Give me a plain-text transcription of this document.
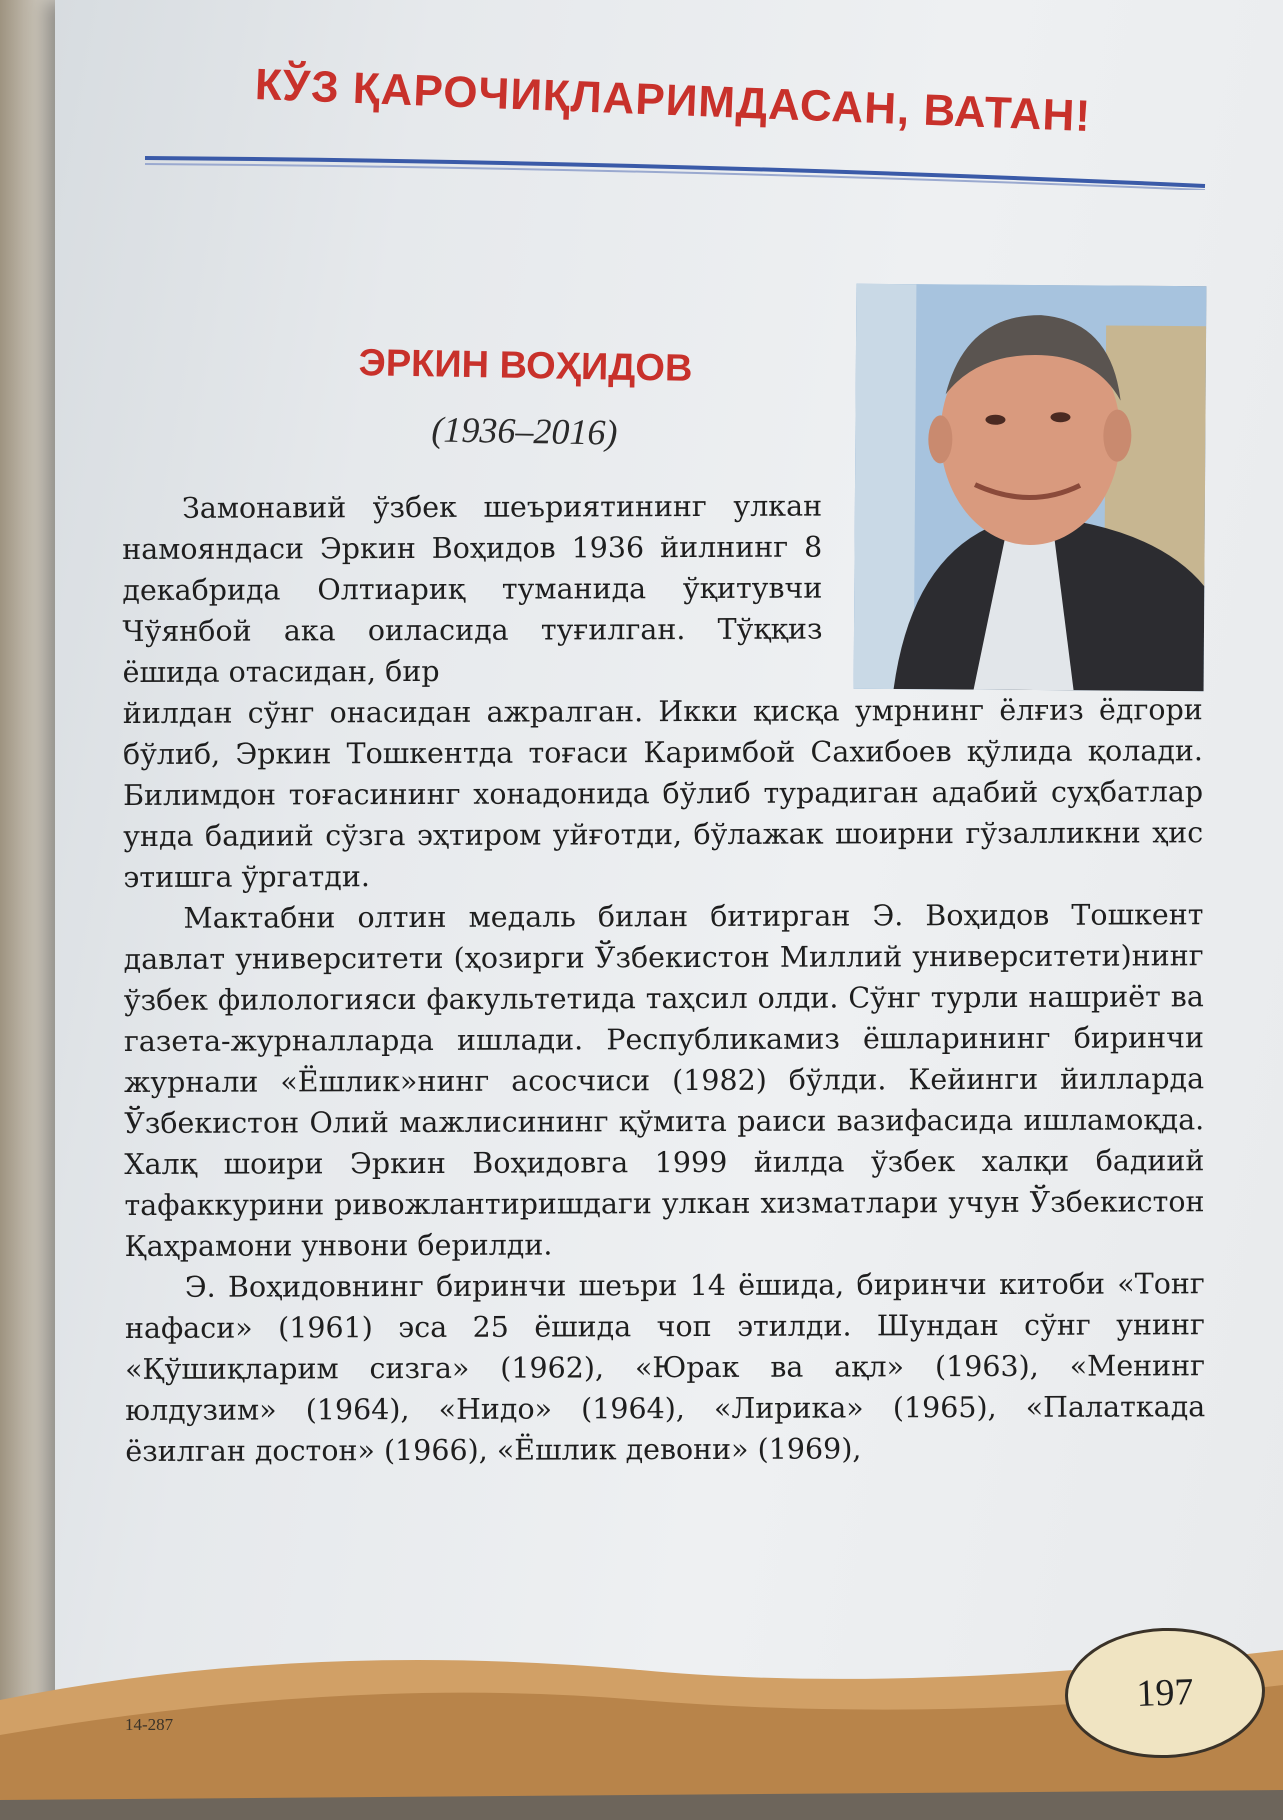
КЎЗ ҚАРОЧИҚЛАРИМДАСАН, ВАТАН!
ЭРКИН ВОҲИДОВ
(1936–2016)

Замонавий ўзбек шеъриятининг улкан намояндаси Эркин Воҳидов 1936 йилнинг 8 декабрида Олтиариқ туманида ўқитувчи Чўянбой ака оиласида туғилган. Тўққиз ёшида отасидан, бир

йилдан сўнг онасидан ажралган. Икки қисқа умрнинг ёлғиз ёдгори бўлиб, Эркин Тошкентда тоғаси Каримбой Сахибоев қўлида қолади. Билимдон тоғасининг хонадонида бўлиб турадиган адабий суҳбатлар унда бадиий сўзга эҳтиром уйғотди, бўлажак шоирни гўзалликни ҳис этишга ўргатди.

Мактабни олтин медаль билан битирган Э. Воҳидов Тошкент давлат университети (ҳозирги Ўзбекистон Миллий университети)нинг ўзбек филологияси факультетида таҳсил олди. Сўнг турли нашриёт ва газета-журналларда ишлади. Республикамиз ёшларининг биринчи журнали «Ёшлик»нинг асосчиси (1982) бўлди. Кейинги йилларда Ўзбекистон Олий мажлисининг қўмита раиси вазифасида ишламоқда. Халқ шоири Эркин Воҳидовга 1999 йилда ўзбек халқи бадиий тафаккурини ривожлантиришдаги улкан хизматлари учун Ўзбекистон Қаҳрамони унвони берилди.

Э. Воҳидовнинг биринчи шеъри 14 ёшида, биринчи китоби «Тонг нафаси» (1961) эса 25 ёшида чоп этилди. Шундан сўнг унинг «Қўшиқларим сизга» (1962), «Юрак ва ақл» (1963), «Менинг юлдузим» (1964), «Нидо» (1964), «Лирика» (1965), «Палаткада ёзилган достон» (1966), «Ёшлик девони» (1969),

14-287
197
